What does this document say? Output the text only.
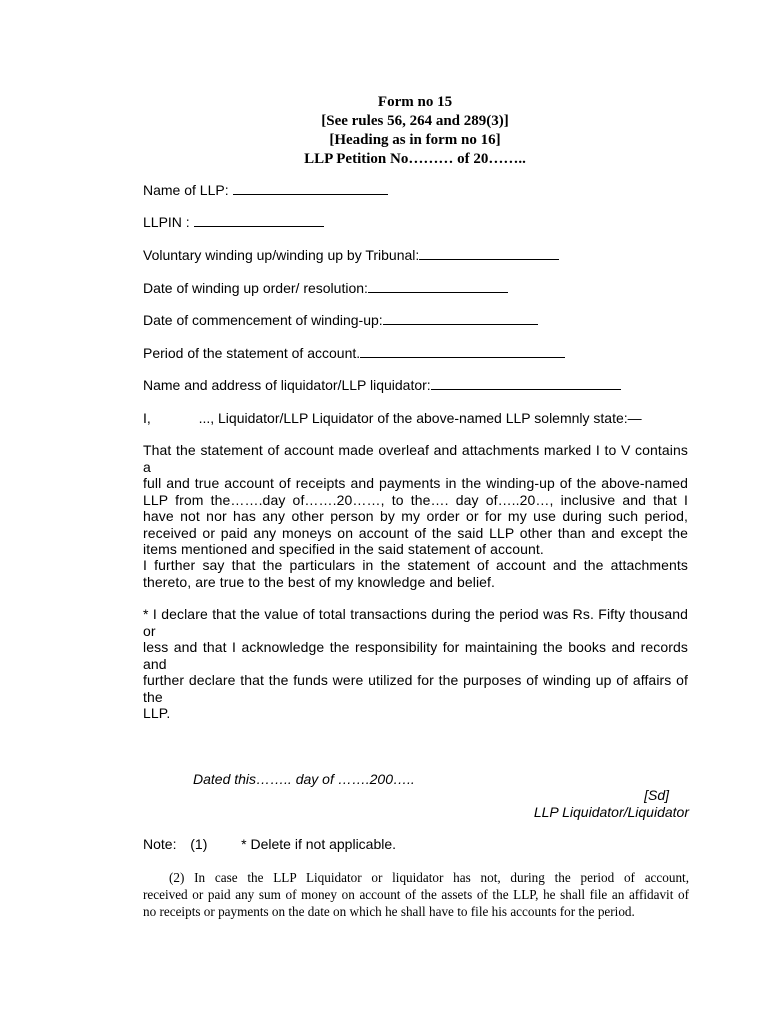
Form no 15
[See rules 56, 264 and 289(3)]
[Heading as in form no 16]
LLP Petition No……… of 20……..
Name of LLP:
LLPIN :
Voluntary winding up/winding up by Tribunal:
Date of winding up order/ resolution:
Date of commencement of winding-up:
Period of the statement of account.
Name and address of liquidator/LLP liquidator:
I,	..., Liquidator/LLP Liquidator of the above-named LLP solemnly state:—
That the statement of account made overleaf and attachments marked I to V contains a
full and true account of receipts and payments in the winding-up of the above-named
LLP from the…….day of…….20……, to the…. day of…..20…, inclusive and that I
have not nor has any other person by my order or for my use during such period,
received or paid any moneys on account of the said LLP other than and except the
items mentioned and specified in the said statement of account.
I further say that the particulars in the statement of account and the attachments
thereto, are true to the best of my knowledge and belief.
* I declare that the value of total transactions during the period was Rs. Fifty thousand or
less and that I acknowledge the responsibility for maintaining the books and records and
further declare that the funds were utilized for the purposes of winding up of affairs of the
LLP.
Dated this…….. day of …….200…..
[Sd]
LLP Liquidator/Liquidator
Note: (1) * Delete if not applicable.
(2) In case the LLP Liquidator or liquidator has not, during the period of account,
received or paid any sum of money on account of the assets of the LLP, he shall file an affidavit of
no receipts or payments on the date on which he shall have to file his accounts for the period.
